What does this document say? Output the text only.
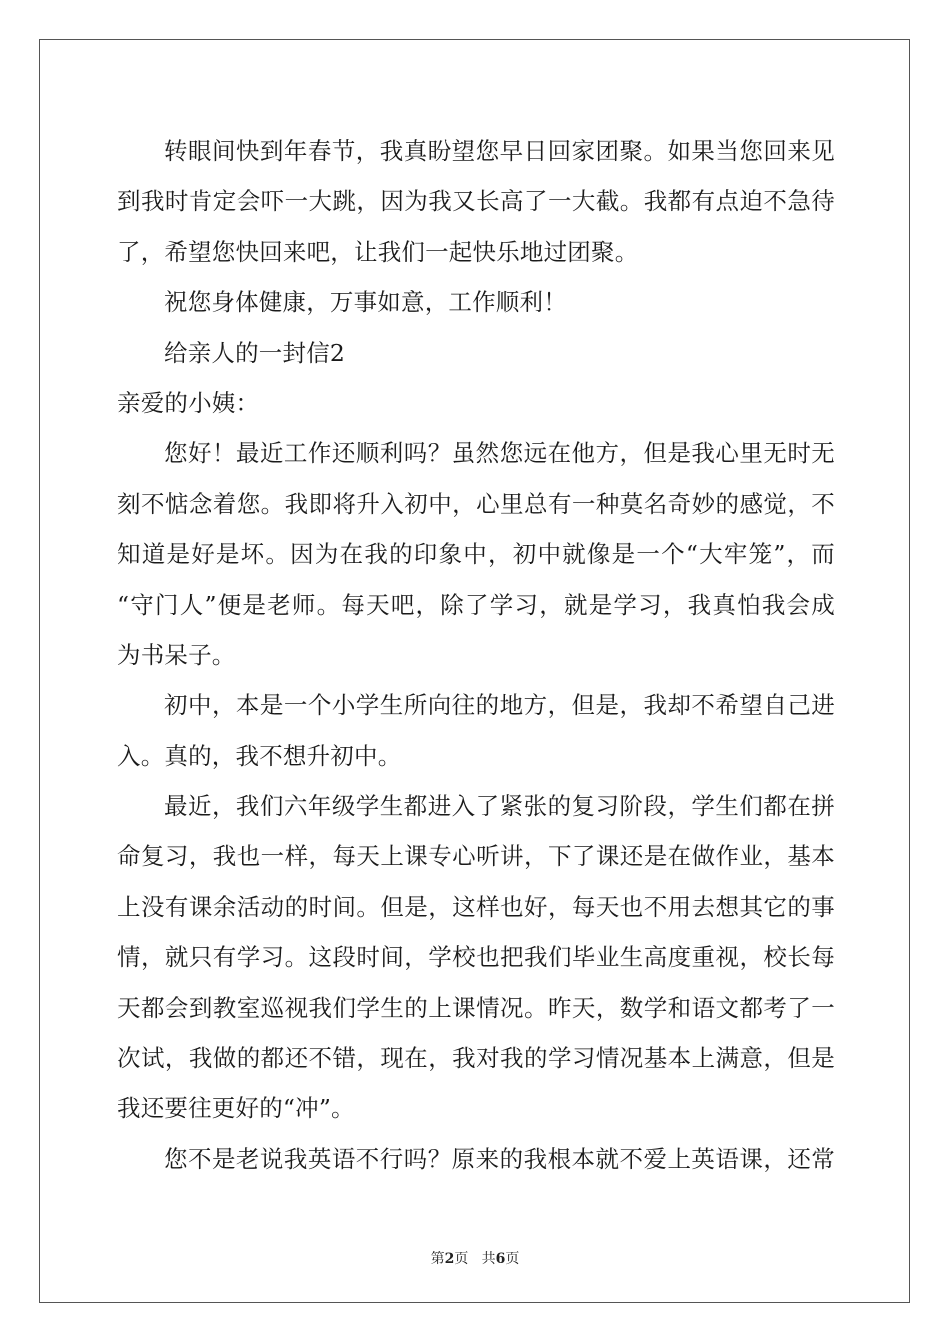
转眼间快到年春节，我真盼望您早日回家团聚。如果当您回来见
到我时肯定会吓一大跳，因为我又长高了一大截。我都有点迫不急待
了，希望您快回来吧，让我们一起快乐地过团聚。
祝您身体健康，万事如意，工作顺利！
给亲人的一封信2
亲爱的小姨：
您好！最近工作还顺利吗？虽然您远在他方，但是我心里无时无
刻不惦念着您。我即将升入初中，心里总有一种莫名奇妙的感觉，不
知道是好是坏。因为在我的印象中，初中就像是一个“大牢笼”，而
“守门人”便是老师。每天吧，除了学习，就是学习，我真怕我会成
为书呆子。
初中，本是一个小学生所向往的地方，但是，我却不希望自己进
入。真的，我不想升初中。
最近，我们六年级学生都进入了紧张的复习阶段，学生们都在拼
命复习，我也一样，每天上课专心听讲，下了课还是在做作业，基本
上没有课余活动的时间。但是，这样也好，每天也不用去想其它的事
情，就只有学习。这段时间，学校也把我们毕业生高度重视，校长每
天都会到教室巡视我们学生的上课情况。昨天，数学和语文都考了一
次试，我做的都还不错，现在，我对我的学习情况基本上满意，但是
我还要往更好的“冲”。
您不是老说我英语不行吗？原来的我根本就不爱上英语课，还常
第2页 共6页
